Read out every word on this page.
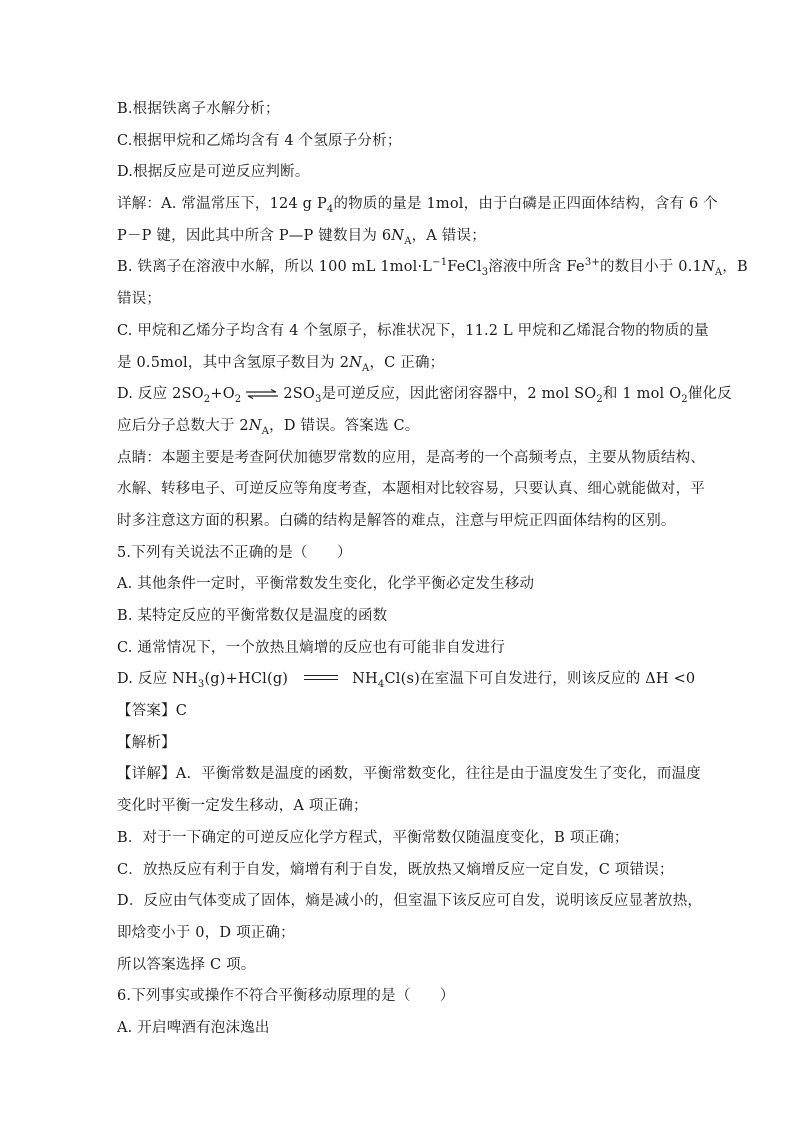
B.根据铁离子水解分析；

C.根据甲烷和乙烯均含有 4 个氢原子分析；

D.根据反应是可逆反应判断。

详解：A. 常温常压下，124 g $P_4$的物质的量是 1mol，由于白磷是正四面体结构，含有 6 个

P－P 键，因此其中所含 P—P 键数目为 $6N_A$，A 错误；

B. 铁离子在溶液中水解，所以 100 mL $1mol\cdot L^{-1}FeCl_3$溶液中所含 $Fe^{3+}$的数目小于 $0.1N_A$，B

错误；

C. 甲烷和乙烯分子均含有 4 个氢原子，标准状况下，11.2 L 甲烷和乙烯混合物的物质的量

是 0.5mol，其中含氢原子数目为 $2N_A$，C 正确；

D. 反应 $2SO_2+O_2$ ⇌ $2SO_3$是可逆反应，因此密闭容器中，2 mol $SO_2$和 1 mol $O_2$催化反

应后分子总数大于 $2N_A$，D 错误。答案选 C。

点睛：本题主要是考查阿伏加德罗常数的应用，是高考的一个高频考点，主要从物质结构、

水解、转移电子、可逆反应等角度考查，本题相对比较容易，只要认真、细心就能做对，平

时多注意这方面的积累。白磷的结构是解答的难点，注意与甲烷正四面体结构的区别。

5.下列有关说法不正确的是（　　）

A. 其他条件一定时，平衡常数发生变化，化学平衡必定发生移动

B. 某特定反应的平衡常数仅是温度的函数

C. 通常情况下，一个放热且熵增的反应也有可能非自发进行

D. 反应 $NH_3(g)+HCl(g)$	$NH_4Cl(s)$在室温下可自发进行，则该反应的 ΔH <0

【答案】C

【解析】

【详解】A．平衡常数是温度的函数，平衡常数变化，往往是由于温度发生了变化，而温度

变化时平衡一定发生移动，A 项正确；

B．对于一下确定的可逆反应化学方程式，平衡常数仅随温度变化，B 项正确；

C．放热反应有利于自发，熵增有利于自发，既放热又熵增反应一定自发，C 项错误；

D．反应由气体变成了固体，熵是减小的，但室温下该反应可自发，说明该反应显著放热，

即焓变小于 0，D 项正确；

所以答案选择 C 项。

6.下列事实或操作不符合平衡移动原理的是（　　）

A. 开启啤酒有泡沫逸出
